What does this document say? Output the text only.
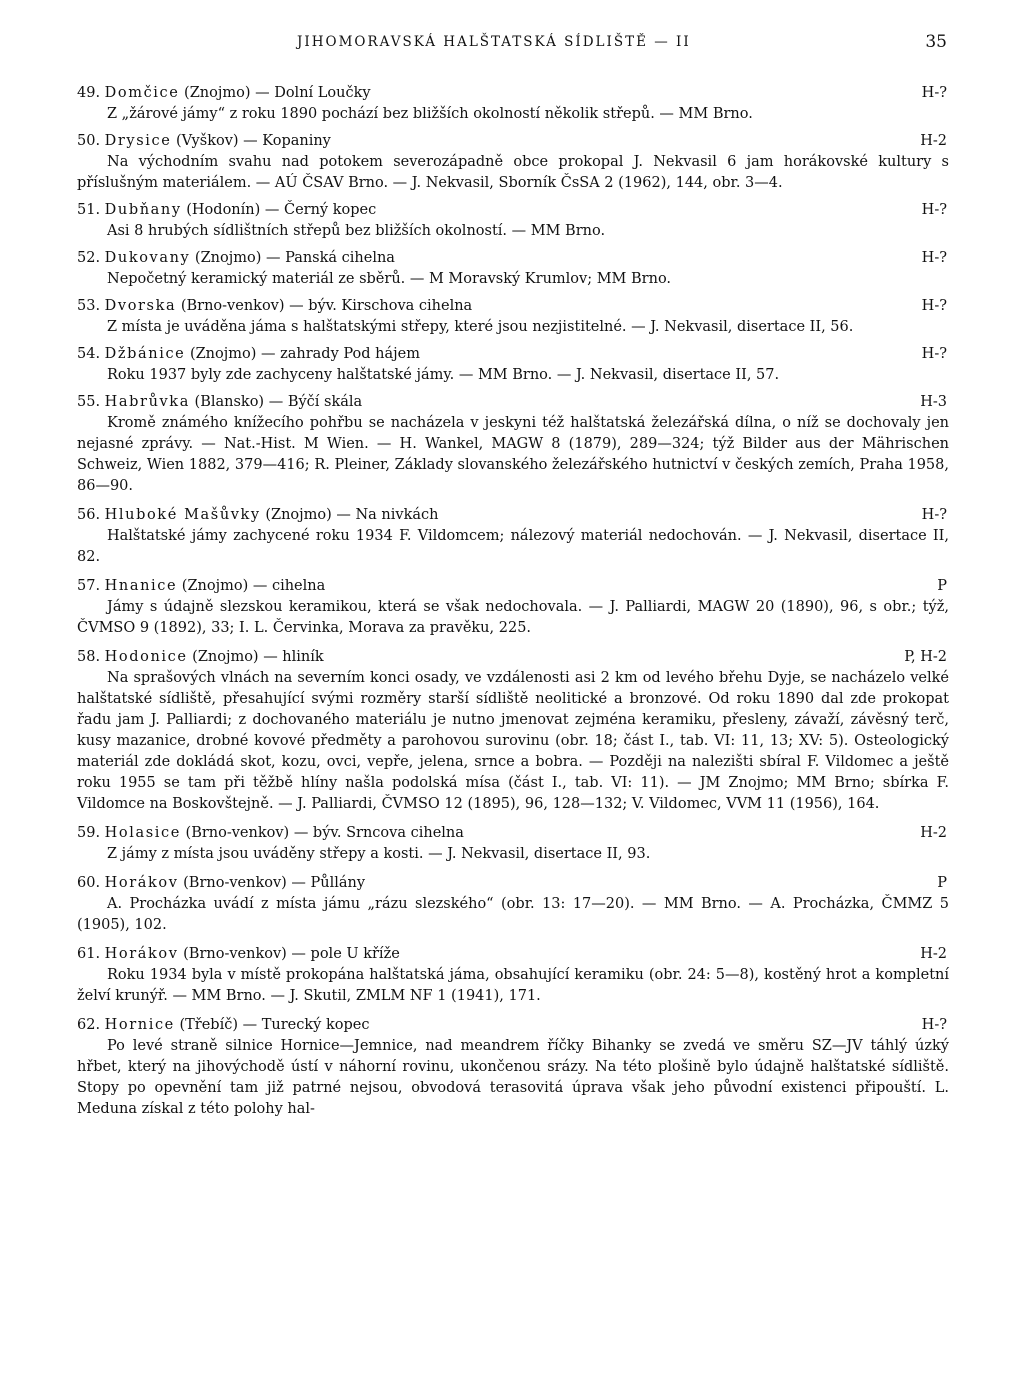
JIHOMORAVSKÁ HALŠTATSKÁ SÍDLIŠTĚ — II	35
49. Domčice (Znojmo) — Dolní Loučky	H-?

Z „žárové jámy“ z roku 1890 pochází bez bližších okolností několik střepů. — MM Brno.

50. Drysice (Vyškov) — Kopaniny	H-2

Na východním svahu nad potokem severozápadně obce prokopal J. Nekvasil 6 jam horákovské kultury s příslušným materiálem. — AÚ ČSAV Brno. — J. Nekvasil, Sborník ČsSA 2 (1962), 144, obr. 3—4.

51. Dubňany (Hodonín) — Černý kopec	H-?

Asi 8 hrubých sídlištních střepů bez bližších okolností. — MM Brno.

52. Dukovany (Znojmo) — Panská cihelna	H-?

Nepočetný keramický materiál ze sběrů. — M Moravský Krumlov; MM Brno.

53. Dvorska (Brno-venkov) — býv. Kirschova cihelna	H-?

Z místa je uváděna jáma s halštatskými střepy, které jsou nezjistitelné. — J. Nekvasil, disertace II, 56.

54. Džbánice (Znojmo) — zahrady Pod hájem	H-?

Roku 1937 byly zde zachyceny halštatské jámy. — MM Brno. — J. Nekvasil, disertace II, 57.

55. Habrůvka (Blansko) — Býčí skála	H-3

Kromě známého knížecího pohřbu se nacházela v jeskyni též halštatská železářská dílna, o níž se dochovaly jen nejasné zprávy. — Nat.-Hist. M Wien. — H. Wankel, MAGW 8 (1879), 289—324; týž Bilder aus der Mährischen Schweiz, Wien 1882, 379—416; R. Pleiner, Základy slovanského železářského hutnictví v českých zemích, Praha 1958, 86—90.

56. Hluboké Mašůvky (Znojmo) — Na nivkách	H-?

Halštatské jámy zachycené roku 1934 F. Vildomcem; nálezový materiál nedochován. — J. Nekvasil, disertace II, 82.

57. Hnanice (Znojmo) — cihelna	P

Jámy s údajně slezskou keramikou, která se však nedochovala. — J. Palliardi, MAGW 20 (1890), 96, s obr.; týž, ČVMSO 9 (1892), 33; I. L. Červinka, Morava za pravěku, 225.

58. Hodonice (Znojmo) — hliník	P, H-2

Na sprašových vlnách na severním konci osady, ve vzdálenosti asi 2 km od levého břehu Dyje, se nacházelo velké halštatské sídliště, přesahující svými rozměry starší sídliště neolitické a bronzové. Od roku 1890 dal zde prokopat řadu jam J. Palliardi; z dochovaného materiálu je nutno jmenovat zejména keramiku, přesleny, závaží, závěsný terč, kusy mazanice, drobné kovové předměty a parohovou surovinu (obr. 18; část I., tab. VI: 11, 13; XV: 5). Osteologický materiál zde dokládá skot, kozu, ovci, vepře, jelena, srnce a bobra. — Později na nalezišti sbíral F. Vildomec a ještě roku 1955 se tam při těžbě hlíny našla podolská mísa (část I., tab. VI: 11). — JM Znojmo; MM Brno; sbírka F. Vildomce na Boskovštejně. — J. Palliardi, ČVMSO 12 (1895), 96, 128—132; V. Vildomec, VVM 11 (1956), 164.

59. Holasice (Brno-venkov) — býv. Srncova cihelna	H-2

Z jámy z místa jsou uváděny střepy a kosti. — J. Nekvasil, disertace II, 93.

60. Horákov (Brno-venkov) — Půllány	P

A. Procházka uvádí z místa jámu „rázu slezského“ (obr. 13: 17—20). — MM Brno. — A. Procházka, ČMMZ 5 (1905), 102.

61. Horákov (Brno-venkov) — pole U kříže	H-2

Roku 1934 byla v místě prokopána halštatská jáma, obsahující keramiku (obr. 24: 5—8), kostěný hrot a kompletní želví krunýř. — MM Brno. — J. Skutil, ZMLM NF 1 (1941), 171.

62. Hornice (Třebíč) — Turecký kopec	H-?

Po levé straně silnice Hornice—Jemnice, nad meandrem říčky Bihanky se zvedá ve směru SZ—JV táhlý úzký hřbet, který na jihovýchodě ústí v náhorní rovinu, ukončenou srázy. Na této plošině bylo údajně halštatské sídliště. Stopy po opevnění tam již patrné nejsou, obvodová terasovitá úprava však jeho původní existenci připouští. L. Meduna získal z této polohy hal-
